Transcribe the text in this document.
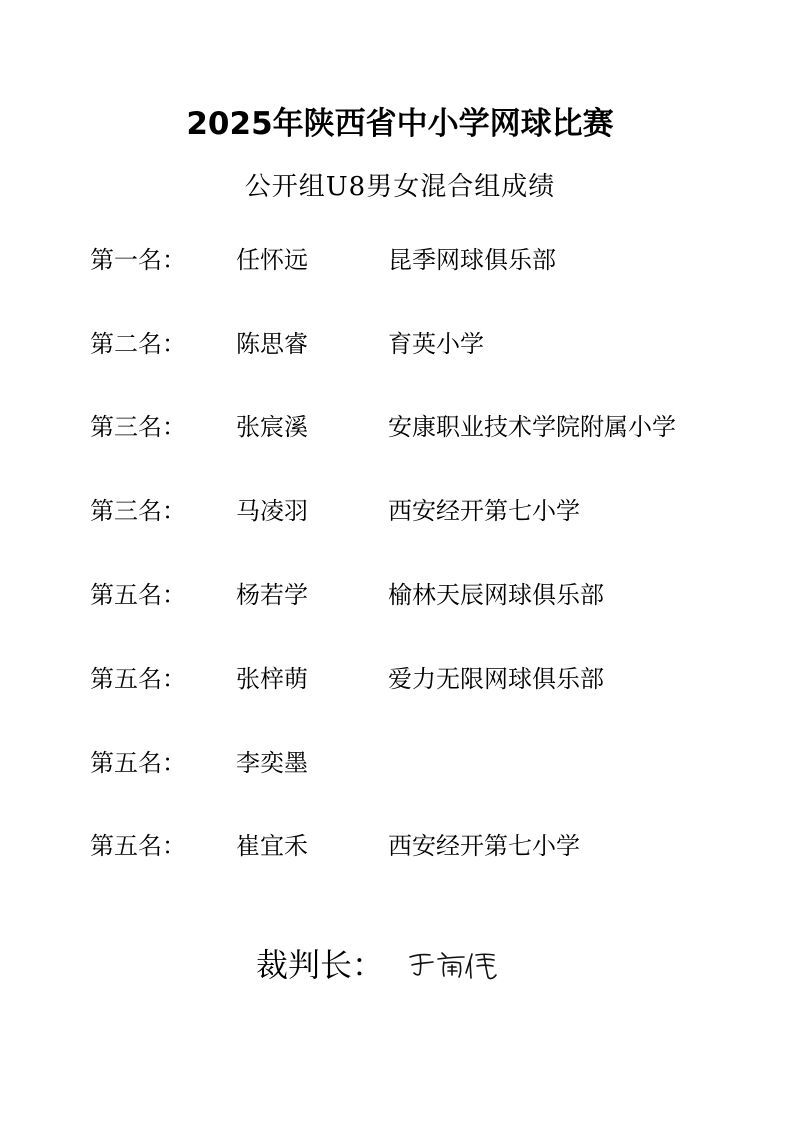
2025年陕西省中小学网球比赛
公开组U8男女混合组成绩
第一名： 任怀远	昆季网球俱乐部
第二名： 陈思睿	育英小学
第三名： 张宸溪	安康职业技术学院附属小学
第三名： 马凌羽	西安经开第七小学
第五名： 杨若学	榆林天辰网球俱乐部
第五名： 张梓萌	爱力无限网球俱乐部
第五名： 李奕墨
第五名： 崔宜禾	西安经开第七小学
裁判长：
